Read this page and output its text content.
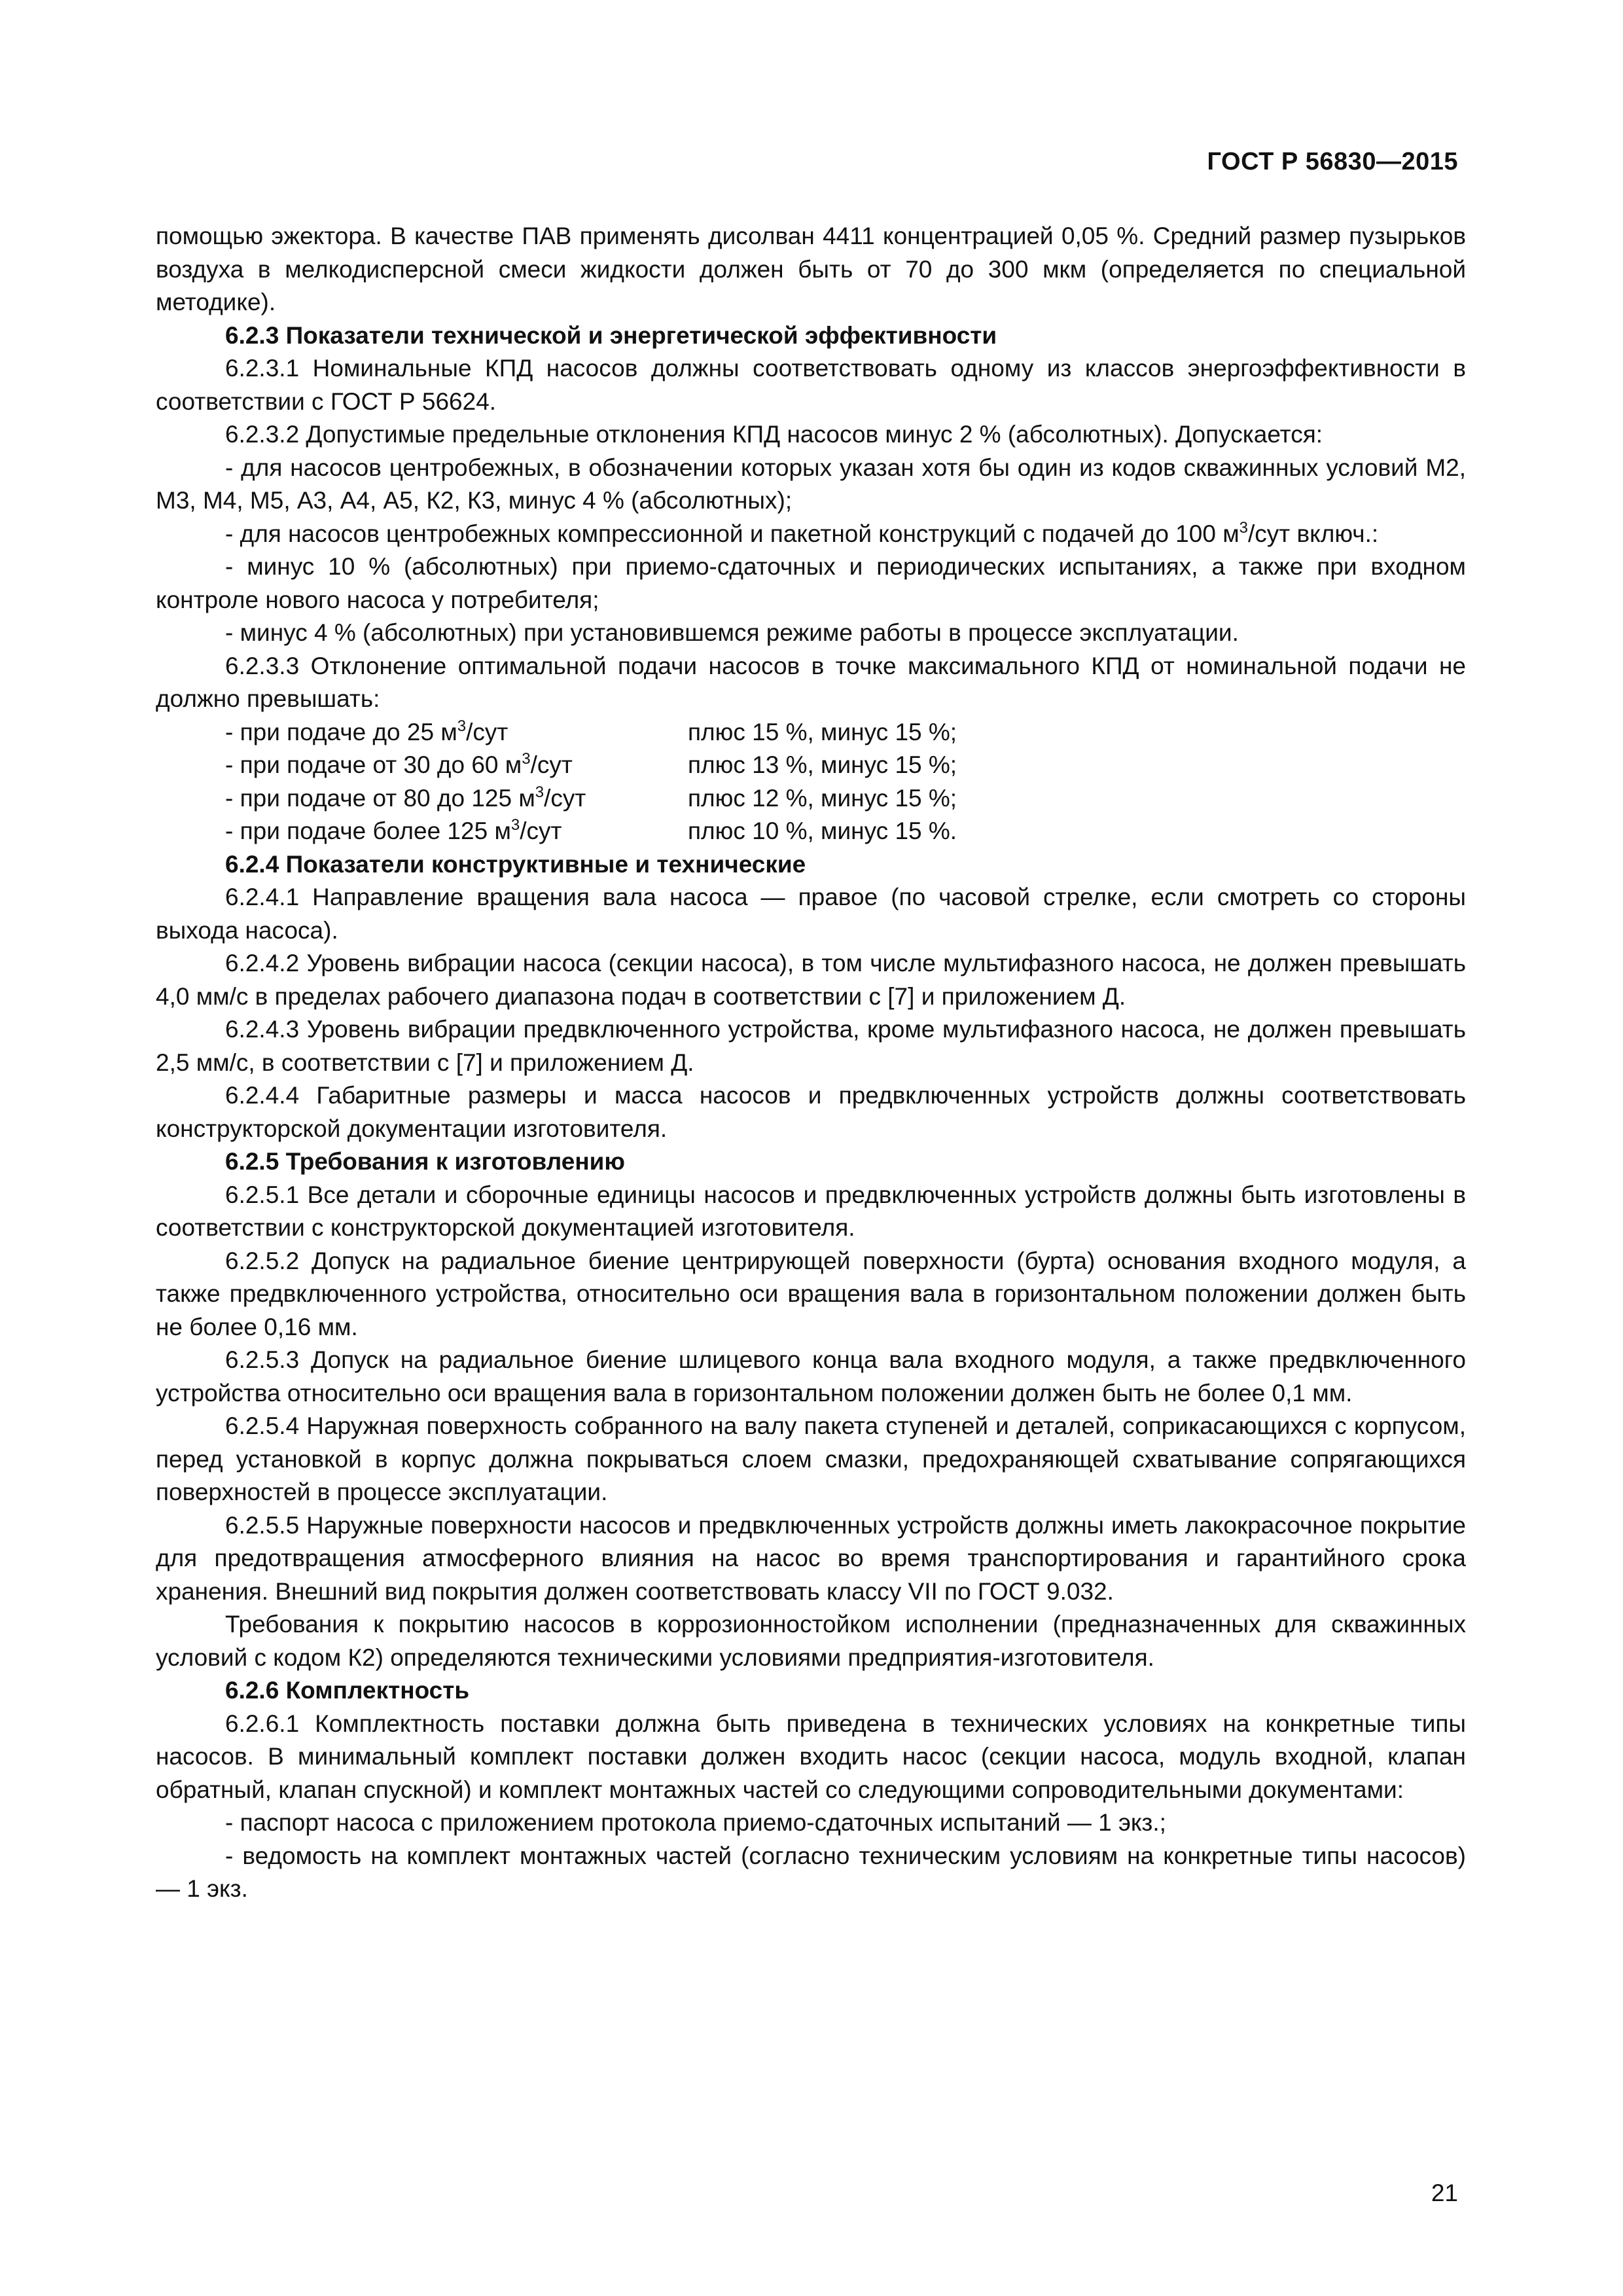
ГОСТ Р 56830—2015

помощью эжектора. В качестве ПАВ применять дисолван 4411 концентрацией 0,05 %. Средний размер пузырьков воздуха в мелкодисперсной смеси жидкости должен быть от 70 до 300 мкм (определяется по специальной методике).

6.2.3 Показатели технической и энергетической эффективности

6.2.3.1 Номинальные КПД насосов должны соответствовать одному из классов энергоэффективности в соответствии с ГОСТ Р 56624.

6.2.3.2 Допустимые предельные отклонения КПД насосов минус 2 % (абсолютных). Допускается:

- для насосов центробежных, в обозначении которых указан хотя бы один из кодов скважинных условий М2, М3, М4, М5, А3, А4, А5, К2, К3, минус 4 % (абсолютных);

- для насосов центробежных компрессионной и пакетной конструкций с подачей до 100 $м^3$/сут включ.:

- минус 10 % (абсолютных) при приемо-сдаточных и периодических испытаниях, а также при входном контроле нового насоса у потребителя;

- минус 4 % (абсолютных) при установившемся режиме работы в процессе эксплуатации.

6.2.3.3 Отклонение оптимальной подачи насосов в точке максимального КПД от номинальной подачи не должно превышать:

- при подаче до 25 $м^3$/сут	плюс 15 %, минус 15 %;

- при подаче от 30 до 60 $м^3$/сут	плюс 13 %, минус 15 %;

- при подаче от 80 до 125 $м^3$/сут	плюс 12 %, минус 15 %;

- при подаче более 125 $м^3$/сут	плюс 10 %, минус 15 %.

6.2.4 Показатели конструктивные и технические

6.2.4.1 Направление вращения вала насоса — правое (по часовой стрелке, если смотреть со стороны выхода насоса).

6.2.4.2 Уровень вибрации насоса (секции насоса), в том числе мультифазного насоса, не должен превышать 4,0 мм/с в пределах рабочего диапазона подач в соответствии с [7] и приложением Д.

6.2.4.3 Уровень вибрации предвключенного устройства, кроме мультифазного насоса, не должен превышать 2,5 мм/с, в соответствии с [7] и приложением Д.

6.2.4.4 Габаритные размеры и масса насосов и предвключенных устройств должны соответствовать конструкторской документации изготовителя.

6.2.5 Требования к изготовлению

6.2.5.1 Все детали и сборочные единицы насосов и предвключенных устройств должны быть изготовлены в соответствии с конструкторской документацией изготовителя.

6.2.5.2 Допуск на радиальное биение центрирующей поверхности (бурта) основания входного модуля, а также предвключенного устройства, относительно оси вращения вала в горизонтальном положении должен быть не более 0,16 мм.

6.2.5.3 Допуск на радиальное биение шлицевого конца вала входного модуля, а также предвключенного устройства относительно оси вращения вала в горизонтальном положении должен быть не более 0,1 мм.

6.2.5.4 Наружная поверхность собранного на валу пакета ступеней и деталей, соприкасающихся с корпусом, перед установкой в корпус должна покрываться слоем смазки, предохраняющей схватывание сопрягающихся поверхностей в процессе эксплуатации.

6.2.5.5 Наружные поверхности насосов и предвключенных устройств должны иметь лакокрасочное покрытие для предотвращения атмосферного влияния на насос во время транспортирования и гарантийного срока хранения. Внешний вид покрытия должен соответствовать классу VII по ГОСТ 9.032.

Требования к покрытию насосов в коррозионностойком исполнении (предназначенных для скважинных условий с кодом К2) определяются техническими условиями предприятия-изготовителя.

6.2.6 Комплектность

6.2.6.1 Комплектность поставки должна быть приведена в технических условиях на конкретные типы насосов. В минимальный комплект поставки должен входить насос (секции насоса, модуль входной, клапан обратный, клапан спускной) и комплект монтажных частей со следующими сопроводительными документами:

- паспорт насоса с приложением протокола приемо-сдаточных испытаний — 1 экз.;

- ведомость на комплект монтажных частей (согласно техническим условиям на конкретные типы насосов) — 1 экз.

21
